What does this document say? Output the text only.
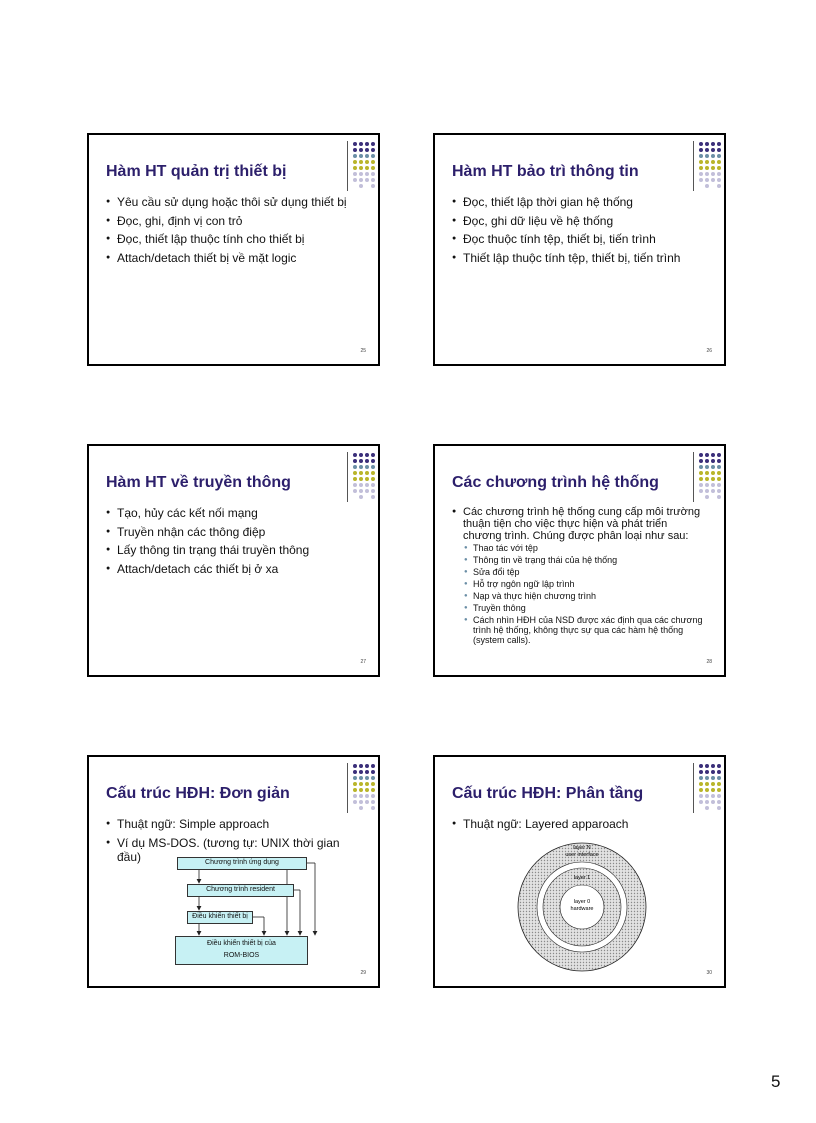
Hàm HT quản trị thiết bị
● Yêu cầu sử dụng hoặc thôi sử dụng thiết bị
● Đọc, ghi, định vị con trỏ
● Đọc, thiết lập thuộc tính cho thiết bị
● Attach/detach thiết bị về mặt logic
25
Hàm HT bảo trì thông tin
● Đọc, thiết lập thời gian hệ thống
● Đọc, ghi dữ liệu về hệ thống
● Đọc thuộc tính tệp, thiết bị, tiến trình
● Thiết lập thuộc tính tệp, thiết bị, tiến trình
26
Hàm HT về truyền thông
● Tạo, hủy các kết nối mạng
● Truyền nhận các thông điệp
● Lấy thông tin trạng thái truyền thông
● Attach/detach các thiết bị ở xa
27
Các chương trình hệ thống
● Các chương trình hệ thống cung cấp môi trường thuận tiện cho việc thực hiện và phát triển chương trình. Chúng được phân loại như sau:
● Thao tác với tệp
● Thông tin về trạng thái của hệ thống
● Sửa đổi tệp
● Hỗ trợ ngôn ngữ lập trình
● Nạp và thực hiện chương trình
● Truyền thông
● Cách nhìn HĐH của NSD được xác định qua các chương trình hệ thống, không thực sự qua các hàm hệ thống (system calls).
28
Cấu trúc HĐH: Đơn giản
● Thuật ngữ: Simple approach
● Ví dụ MS-DOS. (tương tự: UNIX thời gian đầu)	Chương trình ứng dụng
Chương trình resident
Điều khiển thiết bị
Điều khiển thiết bị của
ROM-BIOS
29
Cấu trúc HĐH: Phân tầng
● Thuật ngữ: Layered apparoach
layer N
user interface
layer 1
layer 0
hardware
30
5
